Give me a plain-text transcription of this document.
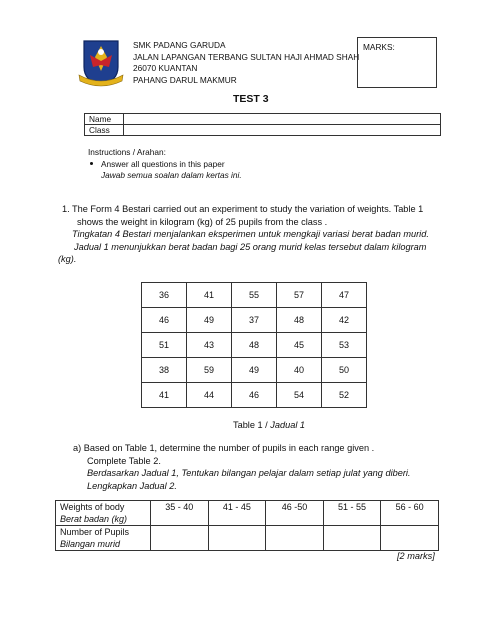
SMK PADANG GARUDA
JALAN LAPANGAN TERBANG SULTAN HAJI AHMAD SHAH
26070 KUANTAN
PAHANG DARUL MAKMUR
MARKS:
TEST 3
Name	
Class	
Instructions / Arahan:
Answer all questions in this paper
Jawab semua soalan dalam kertas ini.
1. The Form 4 Bestari carried out an experiment to study the variation of weights. Table 1
shows the weight in kilogram (kg) of 25 pupils from the class .
Tingkatan 4 Bestari menjalankan eksperimen untuk mengkaji variasi berat badan murid.
Jadual 1 menunjukkan berat badan bagi 25 orang murid kelas tersebut dalam kilogram
(kg).
36	41	55	57	47
46	49	37	48	42
51	43	48	45	53
38	59	49	40	50
41	44	46	54	52
Table 1 / Jadual 1
a) Based on Table 1, determine the number of pupils in each range given .
Complete Table 2.
Berdasarkan Jadual 1, Tentukan bilangan pelajar dalam setiap julat yang diberi.
Lengkapkan Jadual 2.
Weights of body
Berat badan (kg)	35 - 40	41 - 45	46 -50	51 - 55	56 - 60

Number of Pupils
Bilangan murid					

[2 marks]
